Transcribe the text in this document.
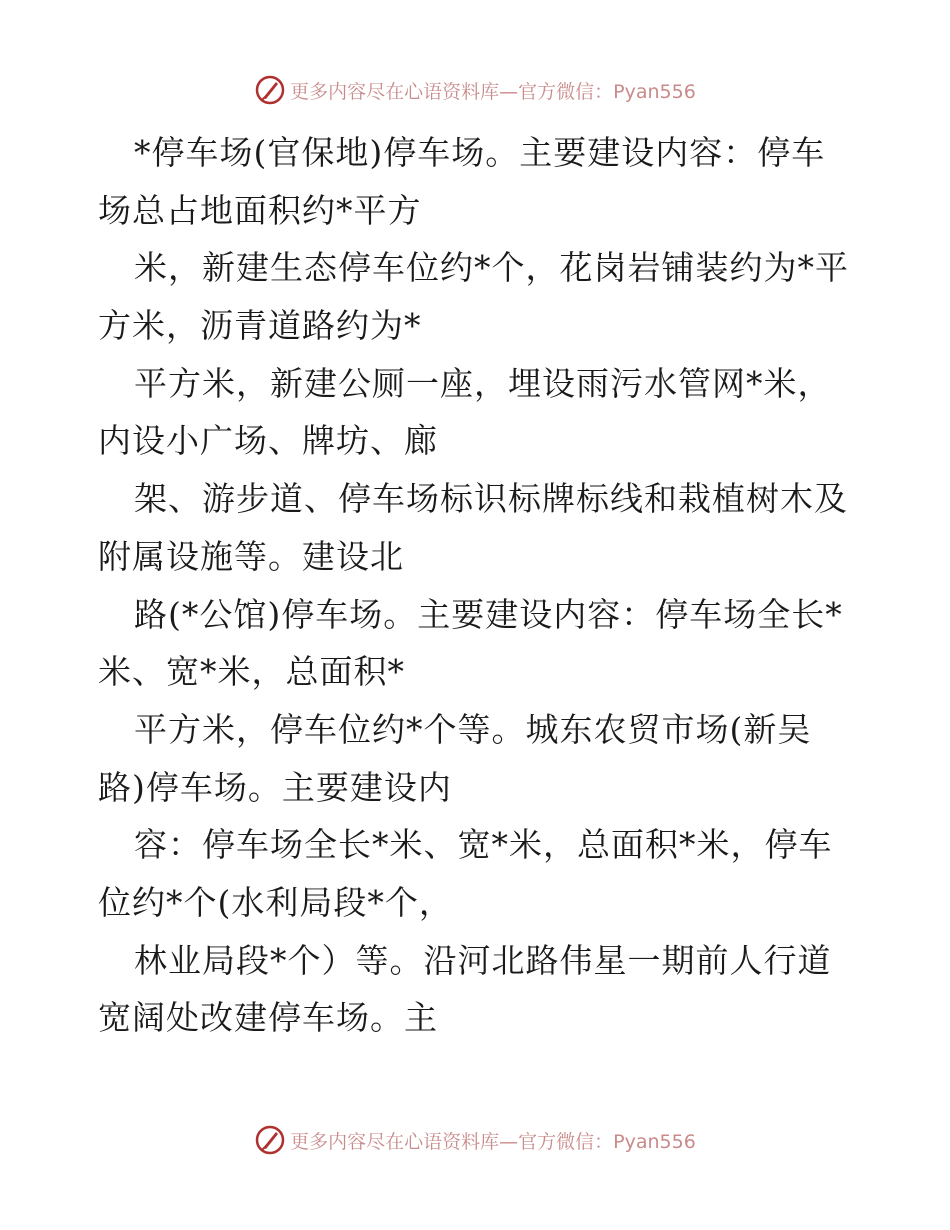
更多内容尽在心语资料库—官方微信：Pyan556
*停车场(官保地)停车场。主要建设内容：停车
场总占地面积约*平方
米，新建生态停车位约*个，花岗岩铺装约为*平
方米，沥青道路约为*
平方米，新建公厕一座，埋设雨污水管网*米，
内设小广场、牌坊、廊
架、游步道、停车场标识标牌标线和栽植树木及
附属设施等。建设北
路(*公馆)停车场。主要建设内容：停车场全长*
米、宽*米，总面积*
平方米，停车位约*个等。城东农贸市场(新吴
路)停车场。主要建设内
容：停车场全长*米、宽*米，总面积*米，停车
位约*个(水利局段*个，
林业局段*个）等。沿河北路伟星一期前人行道
宽阔处改建停车场。主
更多内容尽在心语资料库—官方微信：Pyan556
